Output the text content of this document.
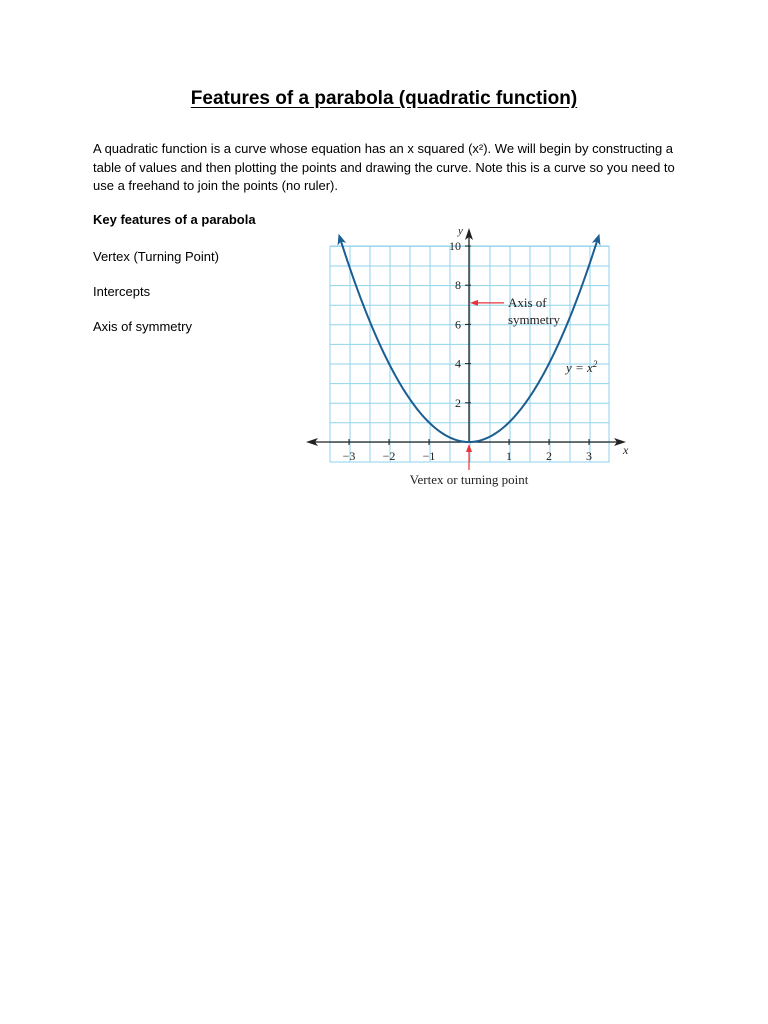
Features of a parabola (quadratic function)

A quadratic function is a curve whose equation has an x squared (x²). We will begin by constructing a table of values and then plotting the points and drawing the curve. Note this is a curve so you need to use a freehand to join the points (no ruler).

Key features of a parabola

Vertex (Turning Point)

Intercepts

Axis of symmetry

−3 −2 −1	1	2	3
2
4
6
8
10
x
y
$y = x^2$
Axis of
symmetry
Vertex or turning point
